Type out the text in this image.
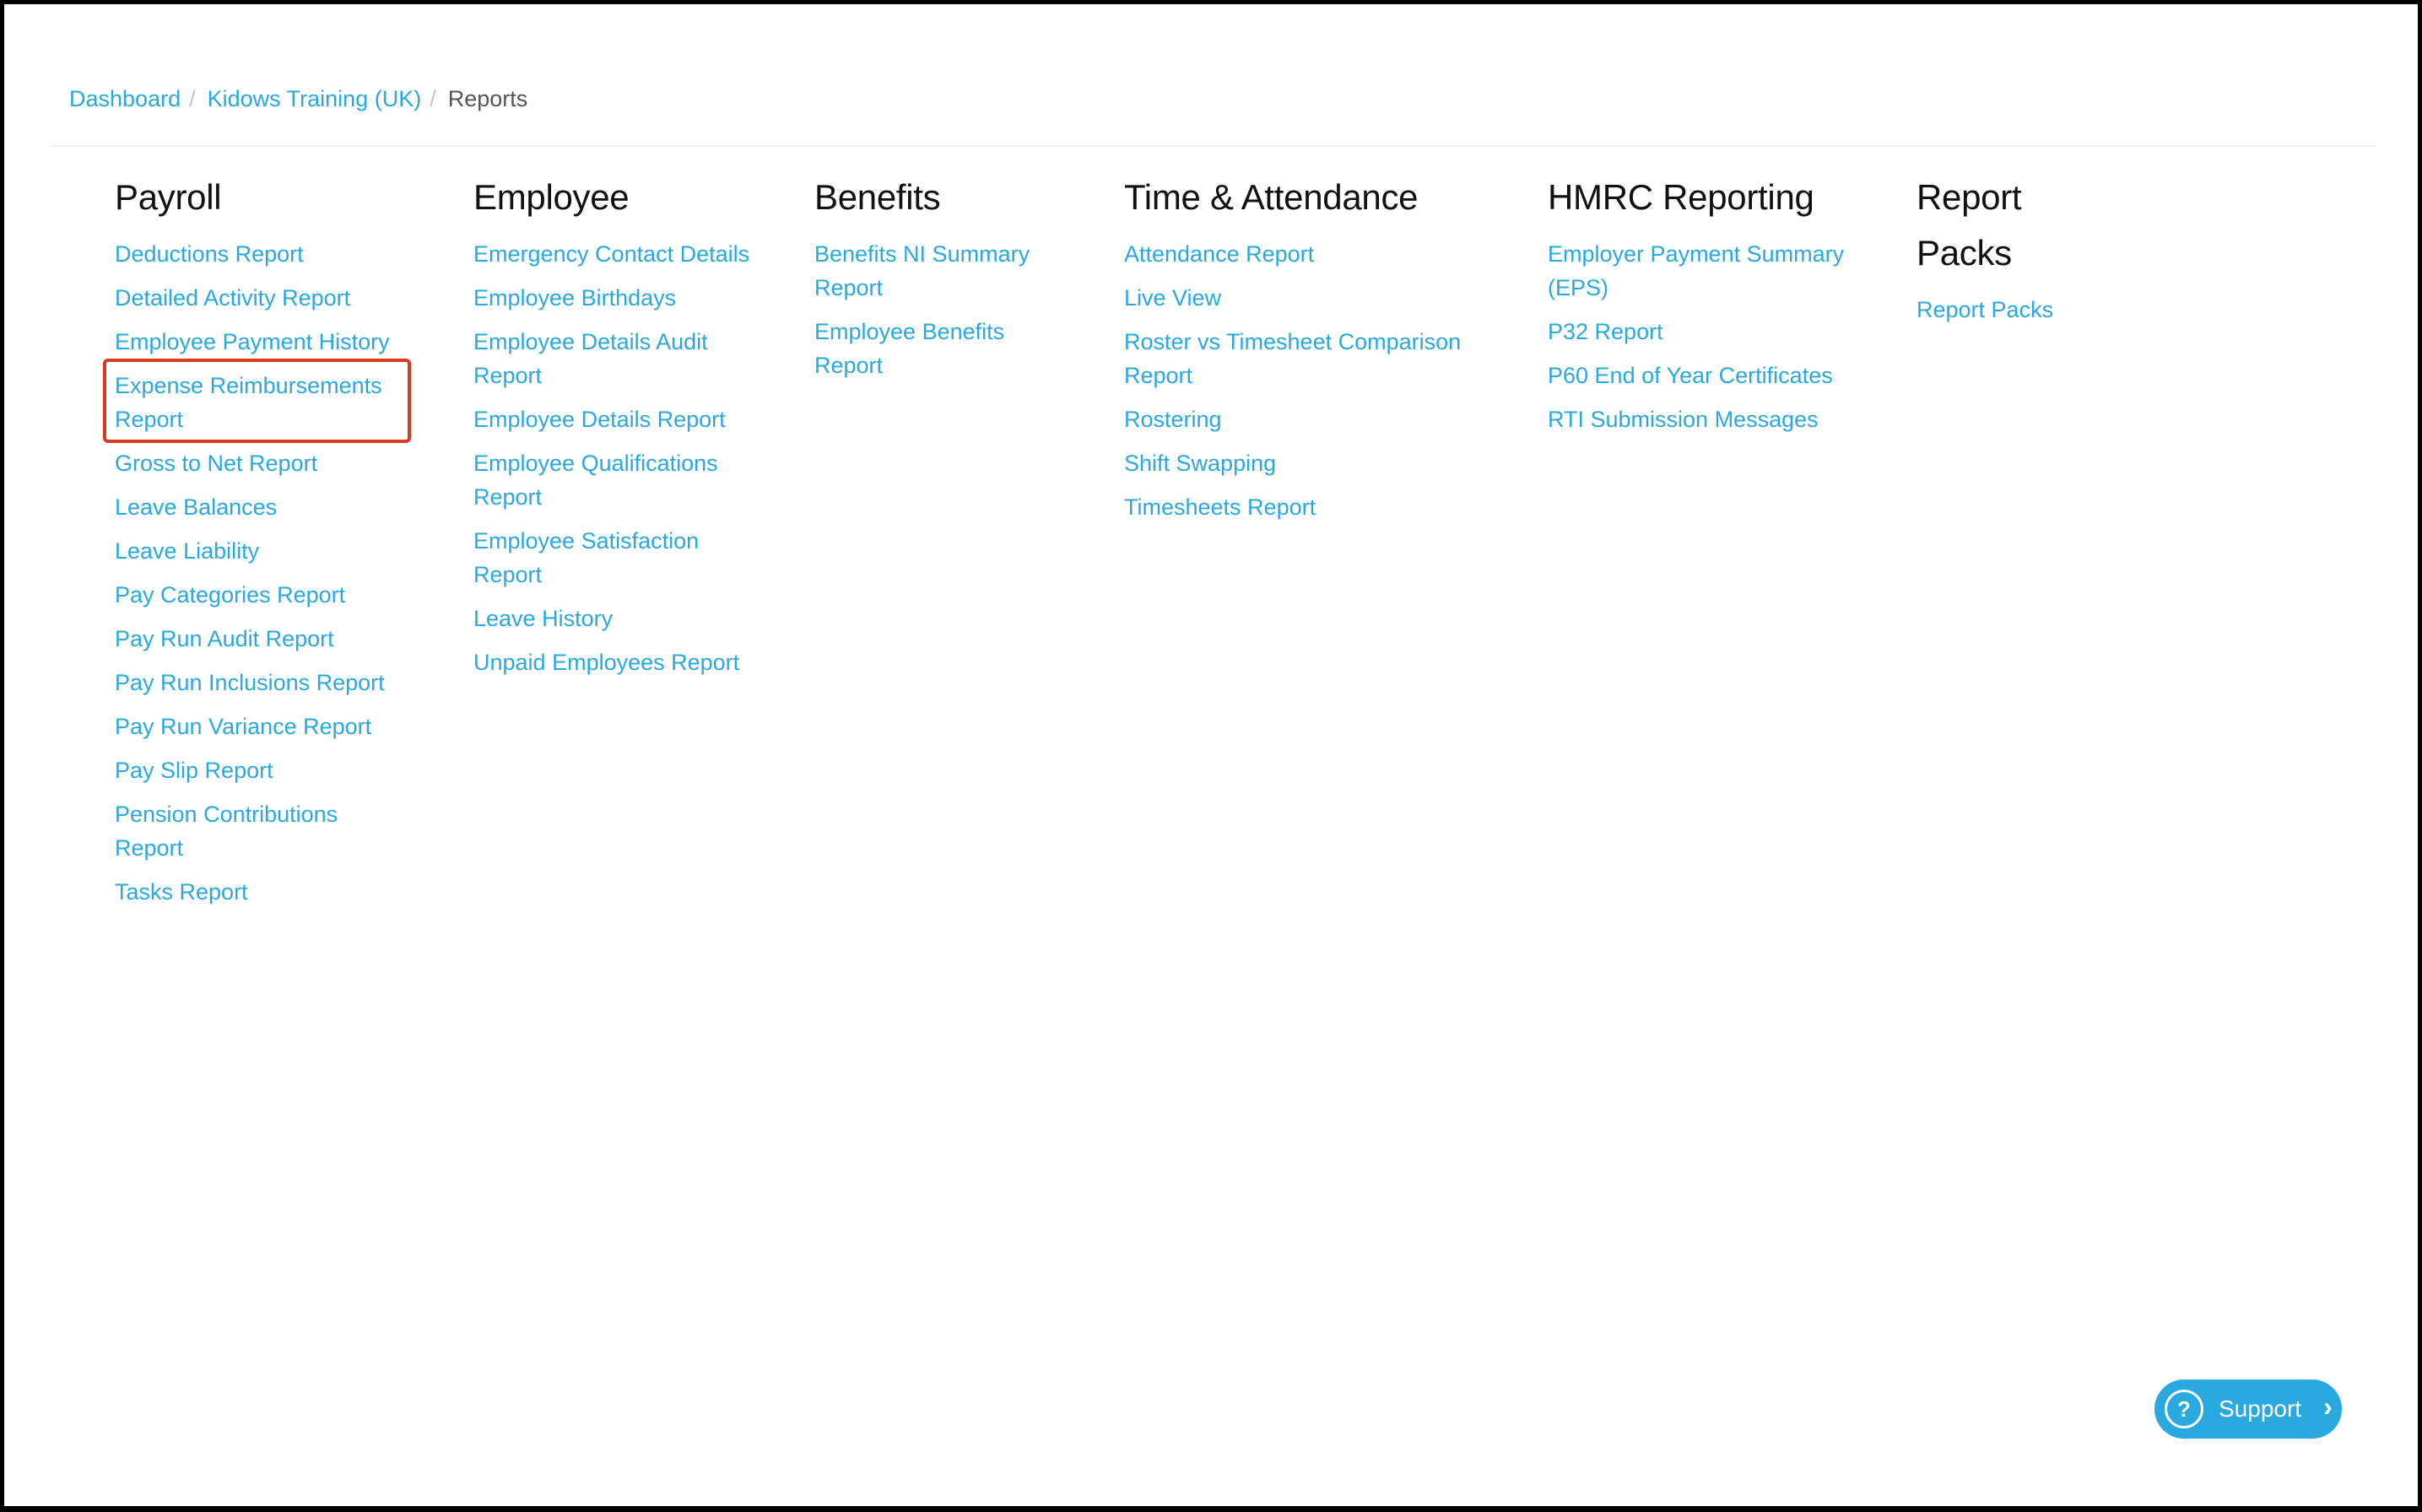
Dashboard / Kidows Training (UK) / Reports
Payroll
Deductions Report
Detailed Activity Report
Employee Payment History
Expense Reimbursements Report
Gross to Net Report
Leave Balances
Leave Liability
Pay Categories Report
Pay Run Audit Report
Pay Run Inclusions Report
Pay Run Variance Report
Pay Slip Report
Pension Contributions Report
Tasks Report
Employee
Emergency Contact Details
Employee Birthdays
Employee Details Audit Report
Employee Details Report
Employee Qualifications Report
Employee Satisfaction Report
Leave History
Unpaid Employees Report
Benefits
Benefits NI Summary Report
Employee Benefits Report
Time & Attendance
Attendance Report
Live View
Roster vs Timesheet Comparison Report
Rostering
Shift Swapping
Timesheets Report
HMRC Reporting
Employer Payment Summary (EPS)
P32 Report
P60 End of Year Certificates
RTI Submission Messages
Report Packs
Report Packs
?	Support ›
